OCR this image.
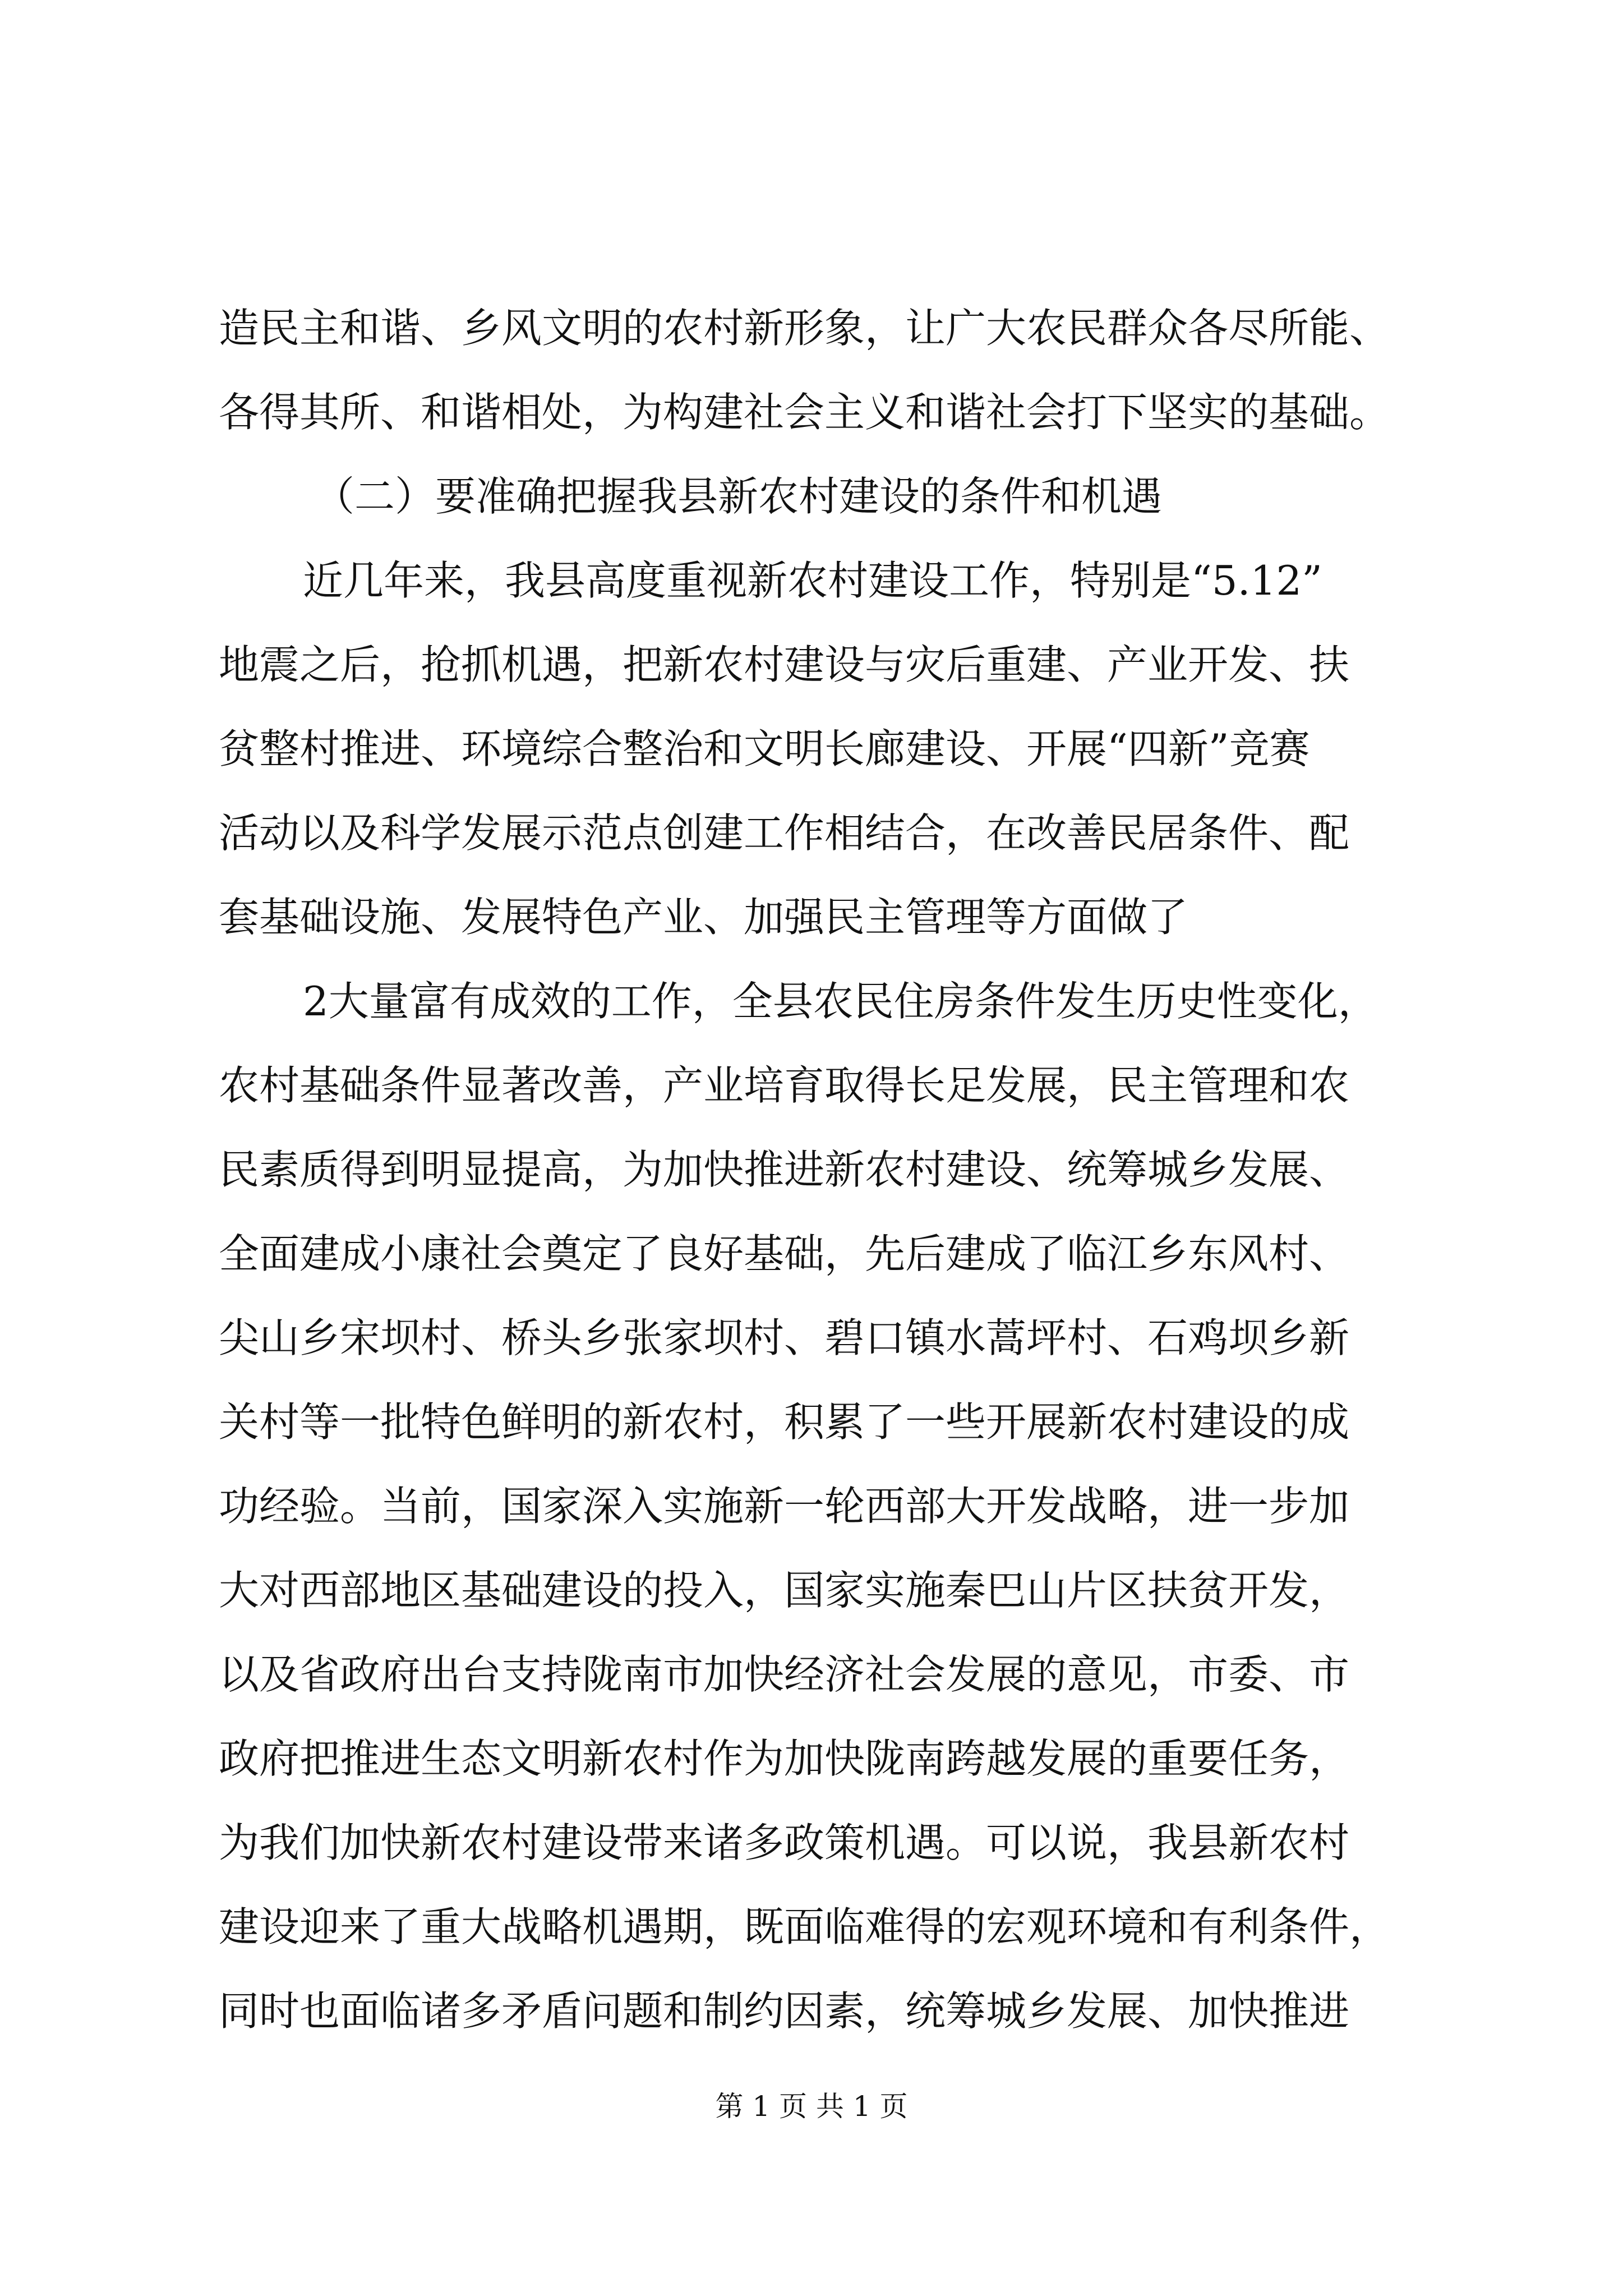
造民主和谐、乡风文明的农村新形象，让广大农民群众各尽所能、
各得其所、和谐相处，为构建社会主义和谐社会打下坚实的基础。
（二）要准确把握我县新农村建设的条件和机遇
近几年来，我县高度重视新农村建设工作，特别是“5.12”
地震之后，抢抓机遇，把新农村建设与灾后重建、产业开发、扶
贫整村推进、环境综合整治和文明长廊建设、开展“四新”竞赛
活动以及科学发展示范点创建工作相结合，在改善民居条件、配
套基础设施、发展特色产业、加强民主管理等方面做了
2大量富有成效的工作，全县农民住房条件发生历史性变化，
农村基础条件显著改善，产业培育取得长足发展，民主管理和农
民素质得到明显提高，为加快推进新农村建设、统筹城乡发展、
全面建成小康社会奠定了良好基础，先后建成了临江乡东风村、
尖山乡宋坝村、桥头乡张家坝村、碧口镇水蒿坪村、石鸡坝乡新
关村等一批特色鲜明的新农村，积累了一些开展新农村建设的成
功经验。当前，国家深入实施新一轮西部大开发战略，进一步加
大对西部地区基础建设的投入，国家实施秦巴山片区扶贫开发，
以及省政府出台支持陇南市加快经济社会发展的意见，市委、市
政府把推进生态文明新农村作为加快陇南跨越发展的重要任务，
为我们加快新农村建设带来诸多政策机遇。可以说，我县新农村
建设迎来了重大战略机遇期，既面临难得的宏观环境和有利条件，
同时也面临诸多矛盾问题和制约因素，统筹城乡发展、加快推进
第 1 页 共 1 页
